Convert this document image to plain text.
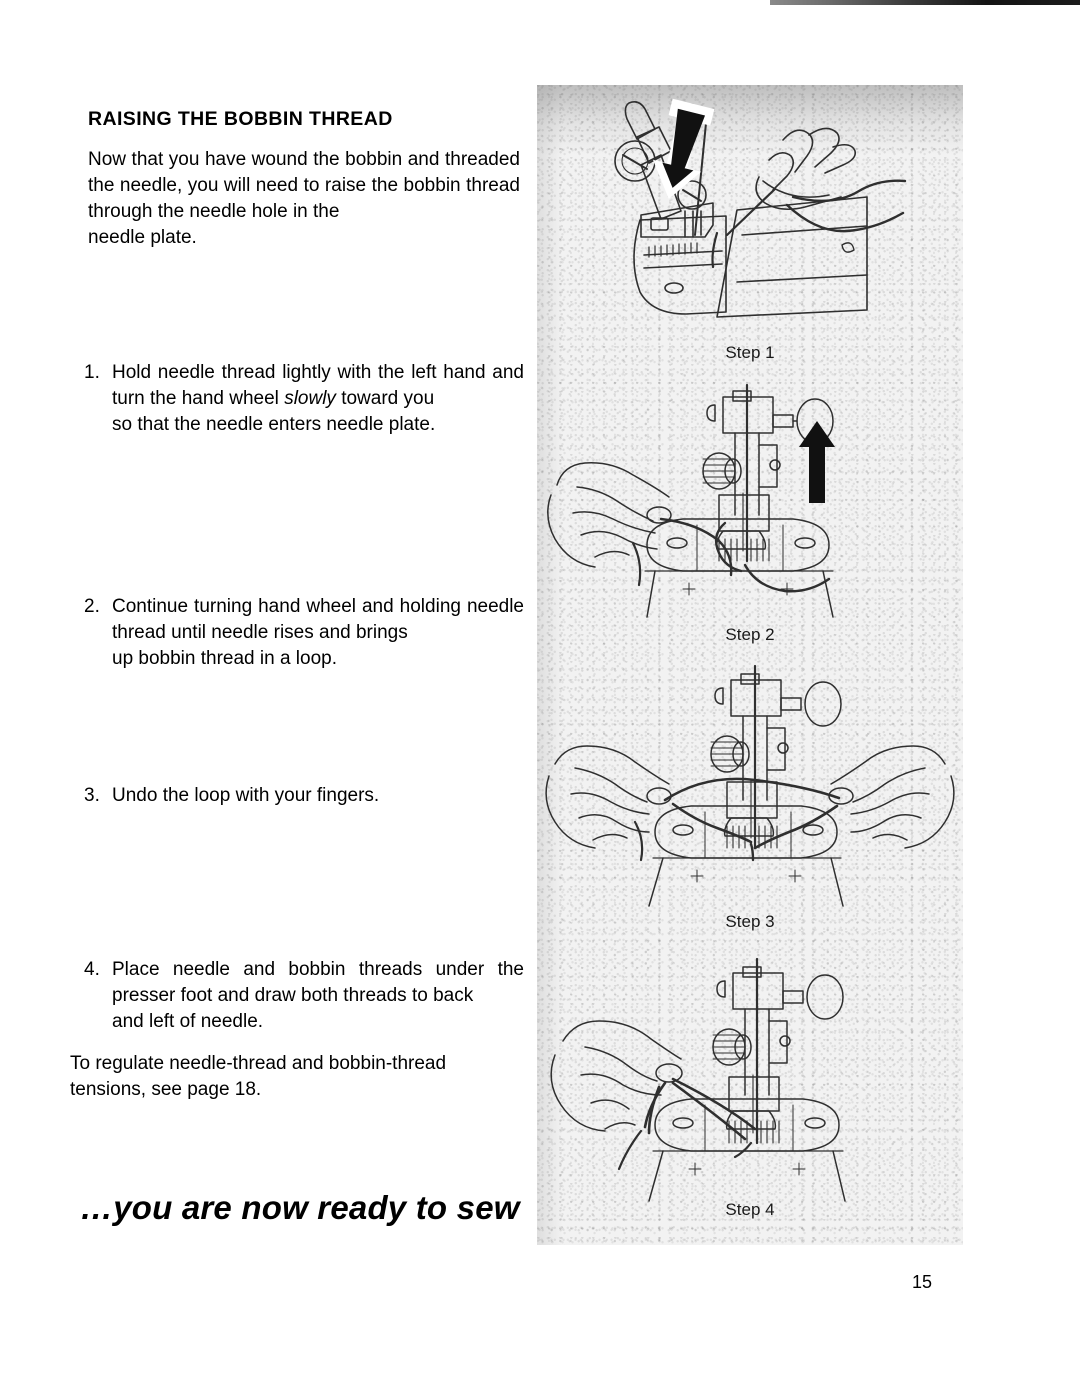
RAISING THE BOBBIN THREAD

Now that you have wound the bobbin and threaded the needle, you will need to raise the bobbin thread through the needle hole in the
needle plate.

1. Hold needle thread lightly with the left hand and turn the hand wheel slowly toward you
so that the needle enters needle plate.
2. Continue turning hand wheel and holding needle thread until needle rises and brings
up bobbin thread in a loop.
3. Undo the loop with your fingers.
4. Place needle and bobbin threads under the presser foot and draw both threads to back
and left of needle.

To regulate needle-thread and bobbin-thread
tensions, see page 18.

…you are now ready to sew
15
Step 1
Step 2
Step 3
Step 4
